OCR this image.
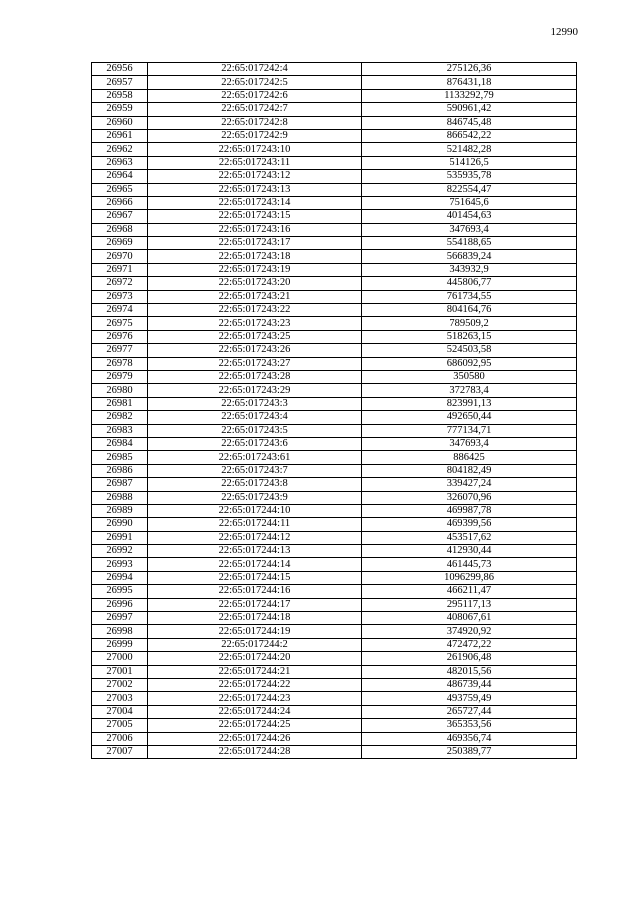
12990
26956	22:65:017242:4	275126,36
26957	22:65:017242:5	876431,18
26958	22:65:017242:6	1133292,79
26959	22:65:017242:7	590961,42
26960	22:65:017242:8	846745,48
26961	22:65:017242:9	866542,22
26962	22:65:017243:10	521482,28
26963	22:65:017243:11	514126,5
26964	22:65:017243:12	535935,78
26965	22:65:017243:13	822554,47
26966	22:65:017243:14	751645,6
26967	22:65:017243:15	401454,63
26968	22:65:017243:16	347693,4
26969	22:65:017243:17	554188,65
26970	22:65:017243:18	566839,24
26971	22:65:017243:19	343932,9
26972	22:65:017243:20	445806,77
26973	22:65:017243:21	761734,55
26974	22:65:017243:22	804164,76
26975	22:65:017243:23	789509,2
26976	22:65:017243:25	518263,15
26977	22:65:017243:26	524503,58
26978	22:65:017243:27	686092,95
26979	22:65:017243:28	350580
26980	22:65:017243:29	372783,4
26981	22:65:017243:3	823991,13
26982	22:65:017243:4	492650,44
26983	22:65:017243:5	777134,71
26984	22:65:017243:6	347693,4
26985	22:65:017243:61	886425
26986	22:65:017243:7	804182,49
26987	22:65:017243:8	339427,24
26988	22:65:017243:9	326070,96
26989	22:65:017244:10	469987,78
26990	22:65:017244:11	469399,56
26991	22:65:017244:12	453517,62
26992	22:65:017244:13	412930,44
26993	22:65:017244:14	461445,73
26994	22:65:017244:15	1096299,86
26995	22:65:017244:16	466211,47
26996	22:65:017244:17	295117,13
26997	22:65:017244:18	408067,61
26998	22:65:017244:19	374920,92
26999	22:65:017244:2	472472,22
27000	22:65:017244:20	261906,48
27001	22:65:017244:21	482015,56
27002	22:65:017244:22	486739,44
27003	22:65:017244:23	493759,49
27004	22:65:017244:24	265727,44
27005	22:65:017244:25	365353,56
27006	22:65:017244:26	469356,74
27007	22:65:017244:28	250389,77
